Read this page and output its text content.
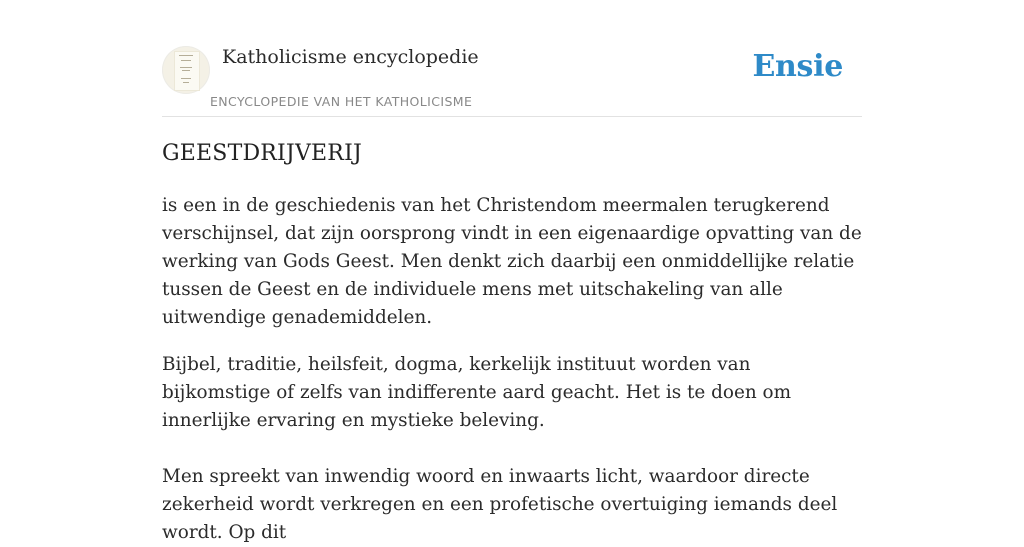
Katholicisme encyclopedie
ENCYCLOPEDIE VAN HET KATHOLICISME
Ensie
GEESTDRIJVERIJ

is een in de geschiedenis van het Christendom meermalen terugkerend verschijnsel, dat zijn oorsprong vindt in een eigenaardige opvatting van de werking van Gods Geest. Men denkt zich daarbij een onmiddellijke relatie tussen de Geest en de individuele mens met uitschakeling van alle uitwendige genademiddelen.

Bijbel, traditie, heilsfeit, dogma, kerkelijk instituut worden van bijkomstige of zelfs van indifferente aard geacht. Het is te doen om innerlijke ervaring en mystieke beleving.

Men spreekt van inwendig woord en inwaarts licht, waardoor directe zekerheid wordt verkregen en een profetische overtuiging iemands deel wordt. Op dit
